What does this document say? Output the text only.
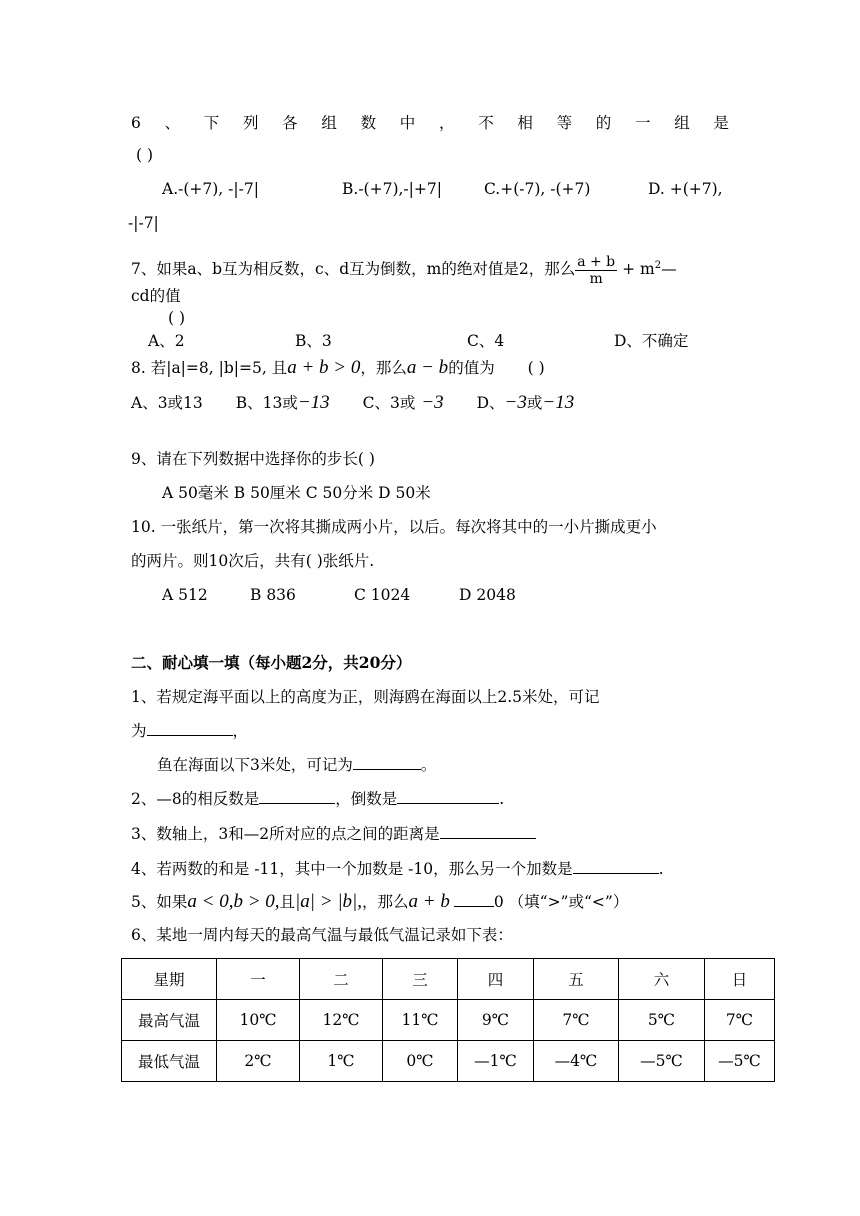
6 、 下 列 各 组 数 中 ， 不 相 等 的 一 组 是
( )
A.-(+7), -|-7|	B.-(+7),-|+7|	C.+(-7), -(+7)	D. +(+7),
-|-7|
7、如果a、b互为相反数，c、d互为倒数，m的绝对值是2，那么 $\frac{a + b}{m}$ + $m^2—$
cd的值
( )
A、2	B、3	C、4	D、不确定
8. 若|a|=8, |b|=5, 且a + b > 0，那么a − b的值为 ( )
A、3或13 B、13或−13 C、3或 −3 D、−3或−13
9、请在下列数据中选择你的步长( )
A 50毫米 B 50厘米 C 50分米 D 50米
10. 一张纸片，第一次将其撕成两小片，以后。每次将其中的一小片撕成更小
的两片。则10次后，共有( )张纸片.
A 512	B 836	C 1024	D 2048
二、耐心填一填（每小题2分，共20分）
1、若规定海平面以上的高度为正，则海鸥在海面以上2.5米处，可记
为	，
鱼在海面以下3米处，可记为	。
2、—8的相反数是	，倒数是	.
3、数轴上，3和—2所对应的点之间的距离是
4、若两数的和是 -11，其中一个加数是 -10，那么另一个加数是	.
5、如果a < 0,b > 0,且|a| > |b|,，那么a + b	0 （填“>”或“<”）
6、某地一周内每天的最高气温与最低气温记录如下表：
星期	一	二	三	四	五	六	日
最高气温	10℃	12℃	11℃	9℃	7℃	5℃	7℃
最低气温	2℃	1℃	0℃	—1℃	—4℃	—5℃	—5℃
